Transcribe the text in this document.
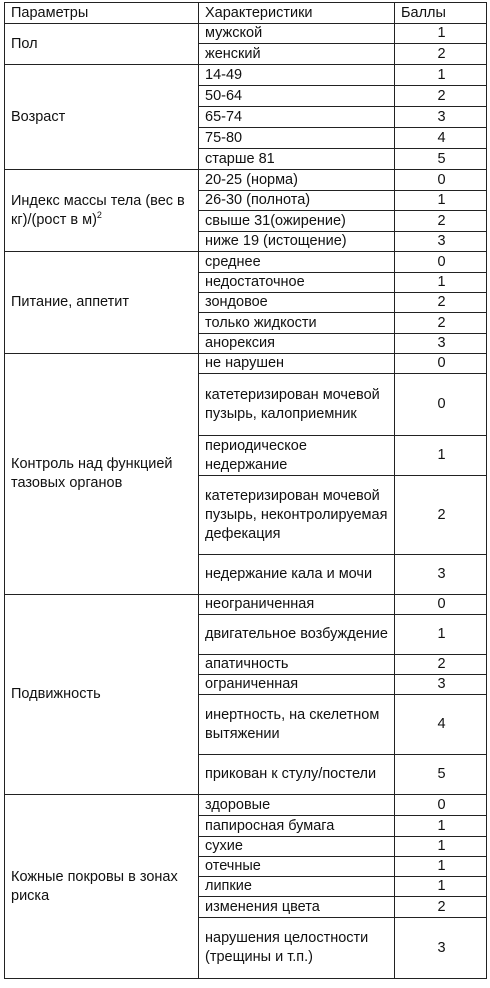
Параметры	Характеристики	Баллы
Пол	мужской	1
	женский	2
Возраст	14-49	1
	50-64	2
	65-74	3
	75-80	4
	старше 81	5
Индекс массы тела (вес в кг)/(рост в м)$^2$	20-25 (норма)	0
	26-30 (полнота)	1
	свыше 31(ожирение)	2
	ниже 19 (истощение)	3
Питание, аппетит	среднее	0
	недостаточное	1
	зондовое	2
	только жидкости	2
	анорексия	3
Контроль над функцией тазовых органов	не нарушен	0
	катетеризирован мочевой пузырь, калоприемник	0
	периодическое недержание	1
	катетеризирован мочевой пузырь, неконтролируемая дефекация	2
	недержание кала и мочи	3
Подвижность	неограниченная	0
	двигательное возбуждение	1
	апатичность	2
	ограниченная	3
	инертность, на скелетном вытяжении	4
	прикован к стулу/постели	5
Кожные покровы в зонах риска	здоровые	0
	папиросная бумага	1
	сухие	1
	отечные	1
	липкие	1
	изменения цвета	2
	нарушения целостности (трещины и т.п.)	3
